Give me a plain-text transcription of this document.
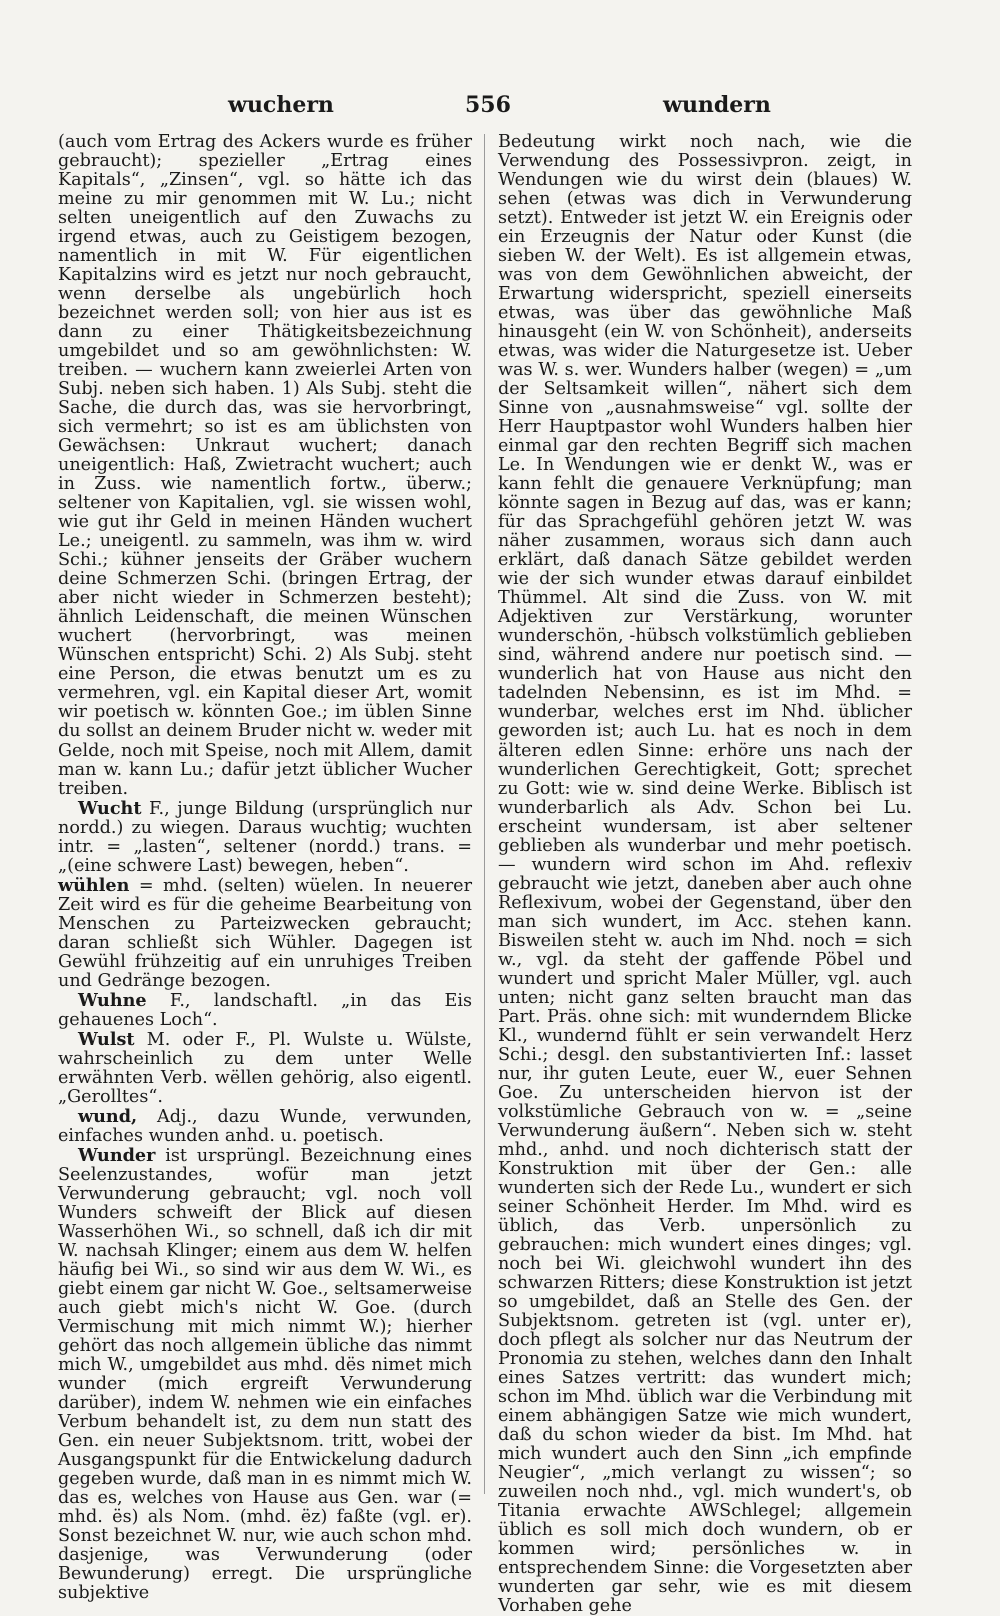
wuchern	556	wundern
(auch vom Ertrag des Ackers wurde es früher gebraucht); spezieller „Ertrag eines Kapitals“, „Zinsen“, vgl. so hätte ich das meine zu mir genommen mit W. Lu.; nicht selten uneigentlich auf den Zuwachs zu irgend etwas, auch zu Geistigem bezogen, namentlich in mit W. Für eigentlichen Kapitalzins wird es jetzt nur noch gebraucht, wenn derselbe als ungebürlich hoch bezeichnet werden soll; von hier aus ist es dann zu einer Thätigkeitsbezeichnung umgebildet und so am gewöhnlichsten: W. treiben. — wuchern kann zweierlei Arten von Subj. neben sich haben. 1) Als Subj. steht die Sache, die durch das, was sie hervorbringt, sich vermehrt; so ist es am üblichsten von Gewächsen: Unkraut wuchert; danach uneigentlich: Haß, Zwietracht wuchert; auch in Zuss. wie namentlich fortw., überw.; seltener von Kapitalien, vgl. sie wissen wohl, wie gut ihr Geld in meinen Händen wuchert Le.; uneigentl. zu sammeln, was ihm w. wird Schi.; kühner jenseits der Gräber wuchern deine Schmerzen Schi. (bringen Ertrag, der aber nicht wieder in Schmerzen besteht); ähnlich Leidenschaft, die meinen Wünschen wuchert (hervorbringt, was meinen Wünschen entspricht) Schi. 2) Als Subj. steht eine Person, die etwas benutzt um es zu vermehren, vgl. ein Kapital dieser Art, womit wir poetisch w. könnten Goe.; im üblen Sinne du sollst an deinem Bruder nicht w. weder mit Gelde, noch mit Speise, noch mit Allem, damit man w. kann Lu.; dafür jetzt üblicher Wucher treiben.
Wucht F., junge Bildung (ursprünglich nur nordd.) zu wiegen. Daraus wuchtig; wuchten intr. = „lasten“, seltener (nordd.) trans. = „(eine schwere Last) bewegen, heben“.
wühlen = mhd. (selten) wüelen. In neuerer Zeit wird es für die geheime Bearbeitung von Menschen zu Parteizwecken gebraucht; daran schließt sich Wühler. Dagegen ist Gewühl frühzeitig auf ein unruhiges Treiben und Gedränge bezogen.
Wuhne F., landschaftl. „in das Eis gehauenes Loch“.
Wulst M. oder F., Pl. Wulste u. Wülste, wahrscheinlich zu dem unter Welle erwähnten Verb. wëllen gehörig, also eigentl. „Gerolltes“.
wund, Adj., dazu Wunde, verwunden, einfaches wunden anhd. u. poetisch.
Wunder ist ursprüngl. Bezeichnung eines Seelenzustandes, wofür man jetzt Verwunderung gebraucht; vgl. noch voll Wunders schweift der Blick auf diesen Wasserhöhen Wi., so schnell, daß ich dir mit W. nachsah Klinger; einem aus dem W. helfen häufig bei Wi., so sind wir aus dem W. Wi., es giebt einem gar nicht W. Goe., seltsamerweise auch giebt mich's nicht W. Goe. (durch Vermischung mit mich nimmt W.); hierher gehört das noch allgemein übliche das nimmt mich W., umgebildet aus mhd. dës nimet mich wunder (mich ergreift Verwunderung darüber), indem W. nehmen wie ein einfaches Verbum behandelt ist, zu dem nun statt des Gen. ein neuer Subjektsnom. tritt, wobei der Ausgangspunkt für die Entwickelung dadurch gegeben wurde, daß man in es nimmt mich W. das es, welches von Hause aus Gen. war (= mhd. ës) als Nom. (mhd. ëz) faßte (vgl. er). Sonst bezeichnet W. nur, wie auch schon mhd. dasjenige, was Verwunderung (oder Bewunderung) erregt. Die ursprüngliche subjektive
Bedeutung wirkt noch nach, wie die Verwendung des Possessivpron. zeigt, in Wendungen wie du wirst dein (blaues) W. sehen (etwas was dich in Verwunderung setzt). Entweder ist jetzt W. ein Ereignis oder ein Erzeugnis der Natur oder Kunst (die sieben W. der Welt). Es ist allgemein etwas, was von dem Gewöhnlichen abweicht, der Erwartung widerspricht, speziell einerseits etwas, was über das gewöhnliche Maß hinausgeht (ein W. von Schönheit), anderseits etwas, was wider die Naturgesetze ist. Ueber was W. s. wer. Wunders halber (wegen) = „um der Seltsamkeit willen“, nähert sich dem Sinne von „ausnahmsweise“ vgl. sollte der Herr Hauptpastor wohl Wunders halben hier einmal gar den rechten Begriff sich machen Le. In Wendungen wie er denkt W., was er kann fehlt die genauere Verknüpfung; man könnte sagen in Bezug auf das, was er kann; für das Sprachgefühl gehören jetzt W. was näher zusammen, woraus sich dann auch erklärt, daß danach Sätze gebildet werden wie der sich wunder etwas darauf einbildet Thümmel. Alt sind die Zuss. von W. mit Adjektiven zur Verstärkung, worunter wunderschön, -hübsch volkstümlich geblieben sind, während andere nur poetisch sind. — wunderlich hat von Hause aus nicht den tadelnden Nebensinn, es ist im Mhd. = wunderbar, welches erst im Nhd. üblicher geworden ist; auch Lu. hat es noch in dem älteren edlen Sinne: erhöre uns nach der wunderlichen Gerechtigkeit, Gott; sprechet zu Gott: wie w. sind deine Werke. Biblisch ist wunderbarlich als Adv. Schon bei Lu. erscheint wundersam, ist aber seltener geblieben als wunderbar und mehr poetisch. — wundern wird schon im Ahd. reflexiv gebraucht wie jetzt, daneben aber auch ohne Reflexivum, wobei der Gegenstand, über den man sich wundert, im Acc. stehen kann. Bisweilen steht w. auch im Nhd. noch = sich w., vgl. da steht der gaffende Pöbel und wundert und spricht Maler Müller, vgl. auch unten; nicht ganz selten braucht man das Part. Präs. ohne sich: mit wunderndem Blicke Kl., wundernd fühlt er sein verwandelt Herz Schi.; desgl. den substantivierten Inf.: lasset nur, ihr guten Leute, euer W., euer Sehnen Goe. Zu unterscheiden hiervon ist der volkstümliche Gebrauch von w. = „seine Verwunderung äußern“. Neben sich w. steht mhd., anhd. und noch dichterisch statt der Konstruktion mit über der Gen.: alle wunderten sich der Rede Lu., wundert er sich seiner Schönheit Herder. Im Mhd. wird es üblich, das Verb. unpersönlich zu gebrauchen: mich wundert eines dinges; vgl. noch bei Wi. gleichwohl wundert ihn des schwarzen Ritters; diese Konstruktion ist jetzt so umgebildet, daß an Stelle des Gen. der Subjektsnom. getreten ist (vgl. unter er), doch pflegt als solcher nur das Neutrum der Pronomia zu stehen, welches dann den Inhalt eines Satzes vertritt: das wundert mich; schon im Mhd. üblich war die Verbindung mit einem abhängigen Satze wie mich wundert, daß du schon wieder da bist. Im Mhd. hat mich wundert auch den Sinn „ich empfinde Neugier“, „mich verlangt zu wissen“; so zuweilen noch nhd., vgl. mich wundert's, ob Titania erwachte AWSchlegel; allgemein üblich es soll mich doch wundern, ob er kommen wird; persönliches w. in entsprechendem Sinne: die Vorgesetzten aber wunderten gar sehr, wie es mit diesem Vorhaben gehe
